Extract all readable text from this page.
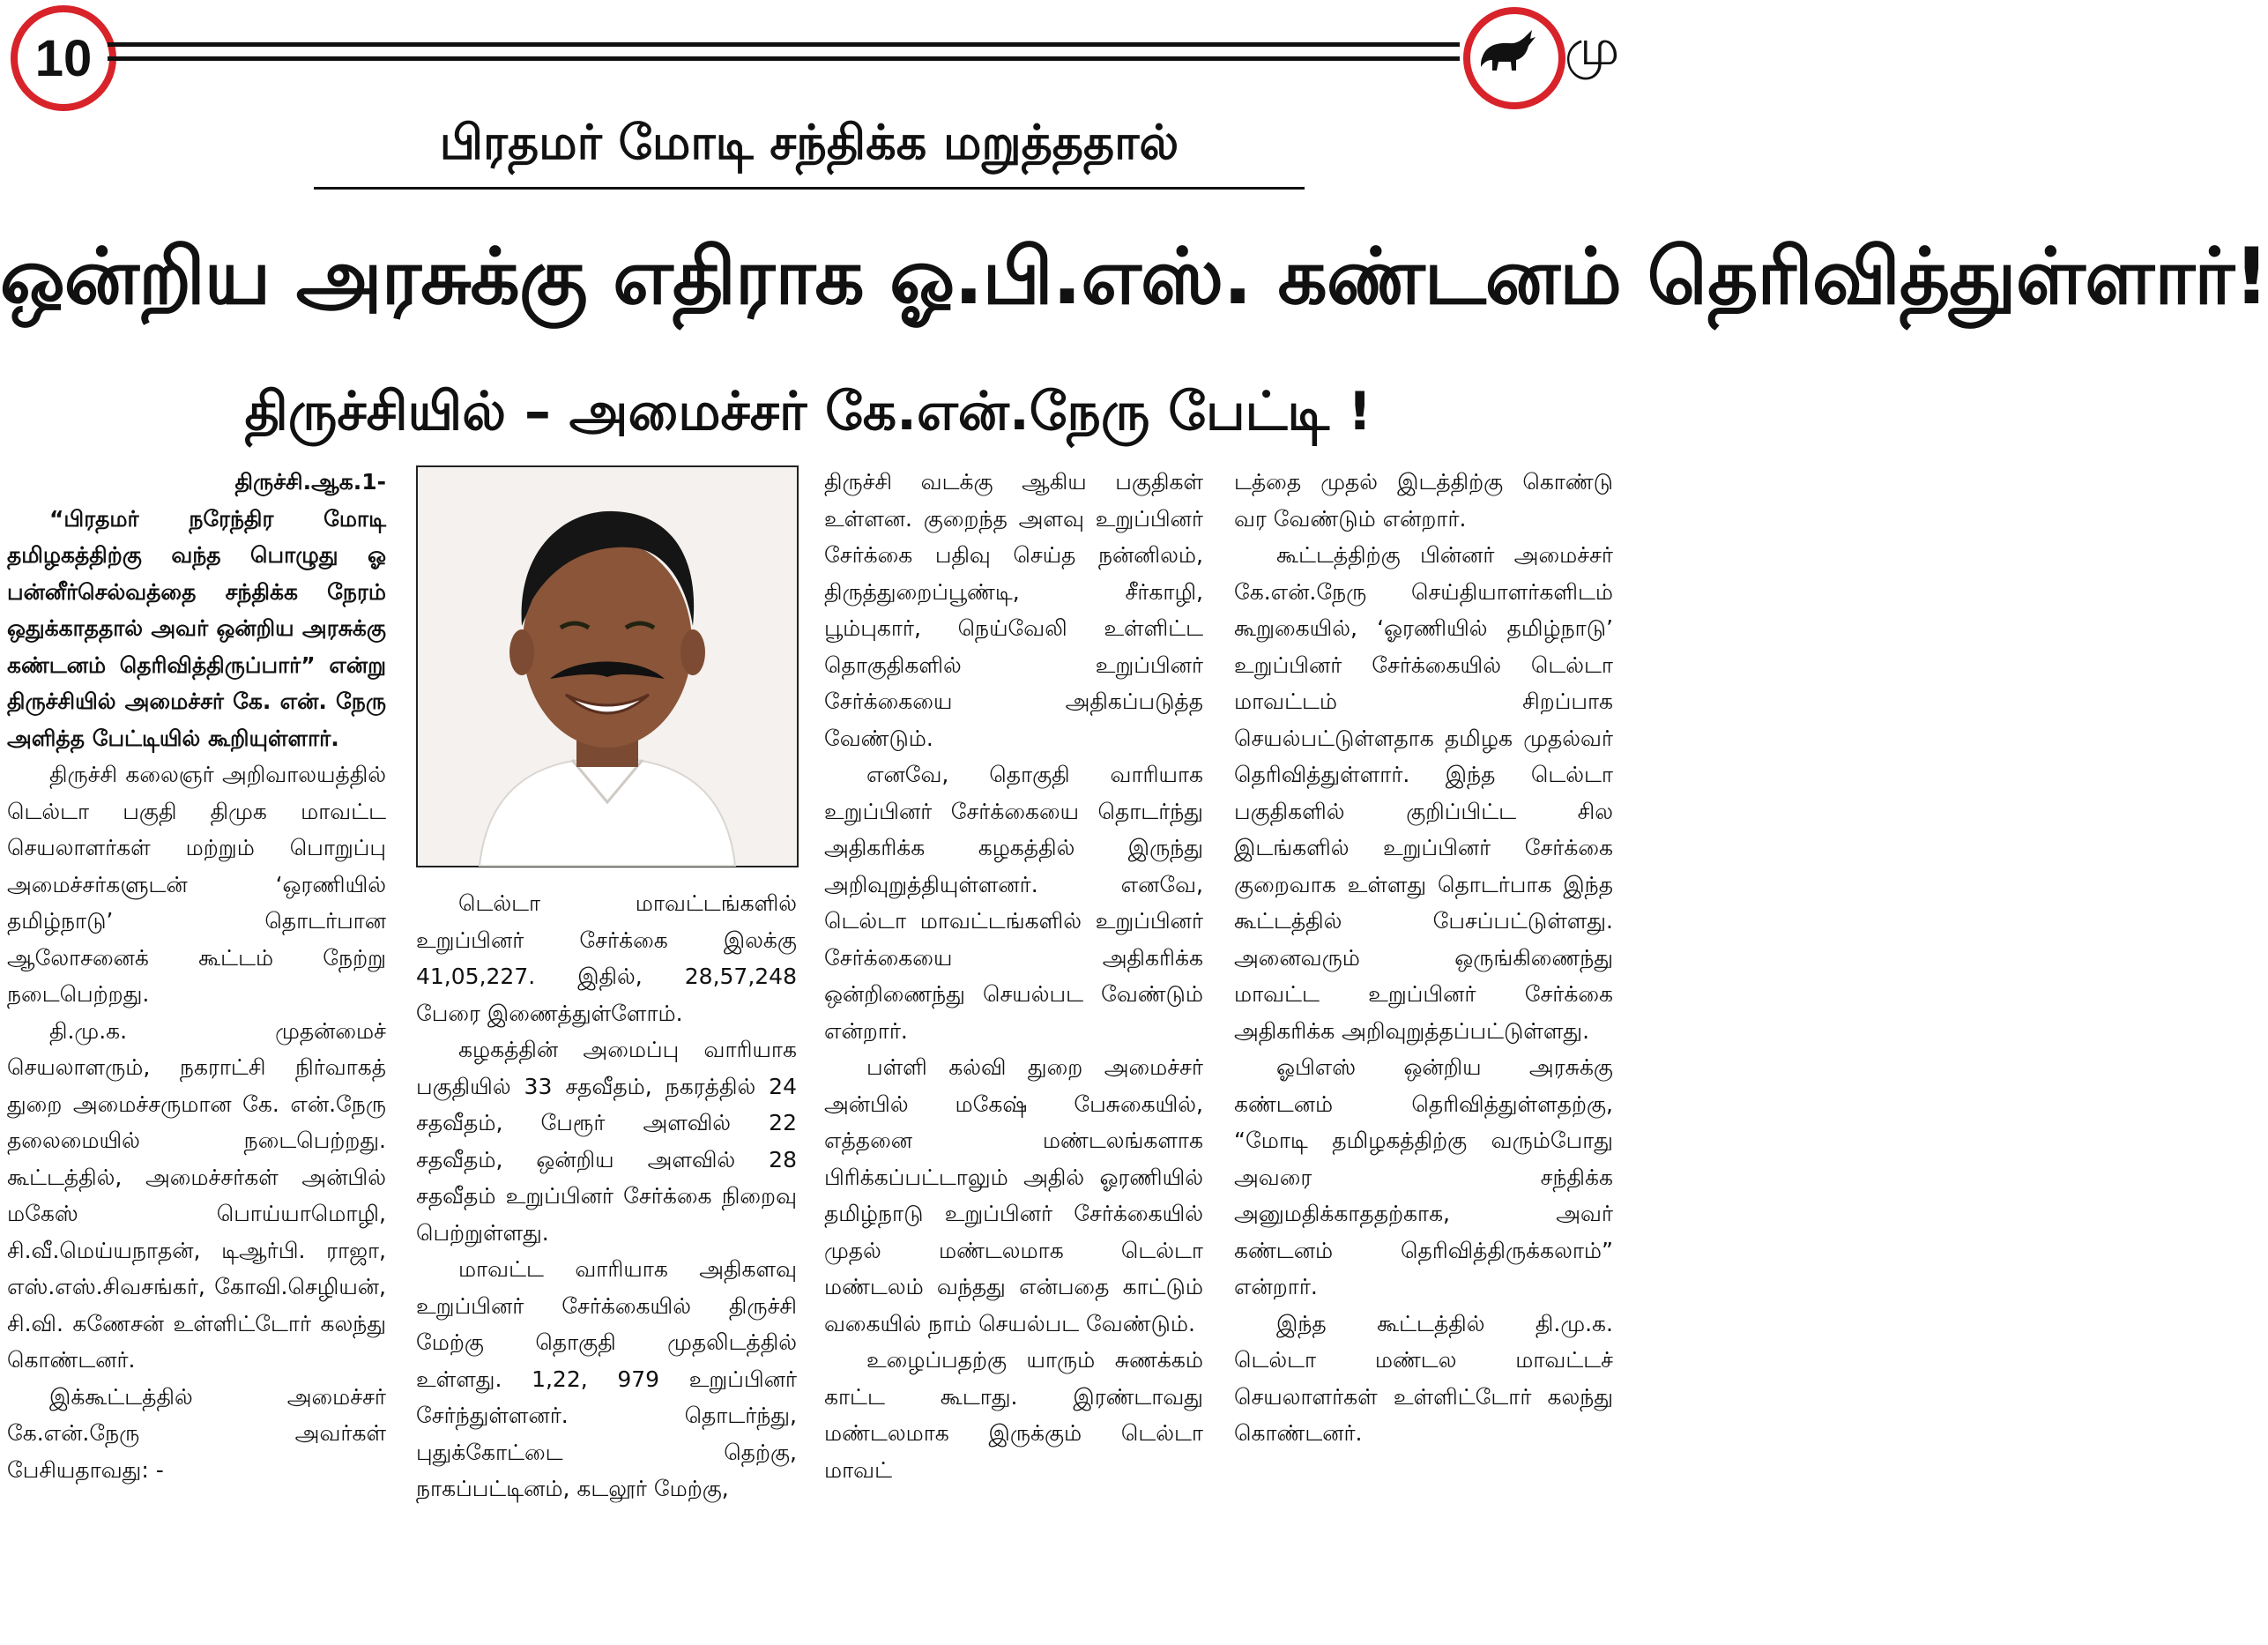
10	மு
பிரதமர் மோடி சந்திக்க மறுத்ததால்
ஒன்றிய அரசுக்கு எதிராக ஓ.பி.எஸ். கண்டனம் தெரிவித்துள்ளார்!
திருச்சியில் – அமைச்சர் கே.என்.நேரு பேட்டி !

திருச்சி.ஆக.1-

“பிரதமர் நரேந்திர மோடி தமிழகத்திற்கு வந்த பொழுது ஓ பன்னீர்செல்வத்தை சந்திக்க நேரம் ஒதுக்காததால் அவர் ஒன்றிய அரசுக்கு கண்டனம் தெரிவித்திருப்பார்” என்று திருச்சியில் அமைச்சர் கே. என். நேரு அளித்த பேட்டியில் கூறியுள்ளார்.

திருச்சி கலைஞர் அறிவாலயத்தில் டெல்டா பகுதி திமுக மாவட்ட செயலாளர்கள் மற்றும் பொறுப்பு அமைச்சர்களுடன் ‘ஒரணியில் தமிழ்நாடு’ தொடர்பான ஆலோசனைக் கூட்டம் நேற்று நடைபெற்றது.

தி.மு.க. முதன்மைச் செயலாளரும், நகராட்சி நிர்வாகத் துறை அமைச்சருமான கே. என்.நேரு தலைமையில் நடைபெற்றது. கூட்டத்தில், அமைச்சர்கள் அன்பில் மகேஸ் பொய்யாமொழி, சி.வீ.மெய்யநாதன், டிஆர்பி. ராஜா, எஸ்.எஸ்.சிவசங்கர், கோவி.செழியன், சி.வி. கணேசன் உள்ளிட்டோர் கலந்து கொண்டனர்.

இக்கூட்டத்தில் அமைச்சர் கே.என்.நேரு அவர்கள் பேசியதாவது: -

டெல்டா மாவட்டங்களில் உறுப்பினர் சேர்க்கை இலக்கு 41,05,227. இதில், 28,57,248 பேரை இணைத்துள்ளோம்.

கழகத்தின் அமைப்பு வாரியாக பகுதியில் 33 சதவீதம், நகரத்தில் 24 சதவீதம், பேரூர் அளவில் 22 சதவீதம், ஒன்றிய அளவில் 28 சதவீதம் உறுப்பினர் சேர்க்கை நிறைவு பெற்றுள்ளது.

மாவட்ட வாரியாக அதிகளவு உறுப்பினர் சேர்க்கையில் திருச்சி மேற்கு தொகுதி முதலிடத்தில் உள்ளது. 1,22, 979 உறுப்பினர் சேர்ந்துள்ளனர். தொடர்ந்து, புதுக்கோட்டை தெற்கு, நாகப்பட்டினம், கடலூர் மேற்கு,

திருச்சி வடக்கு ஆகிய பகுதிகள் உள்ளன. குறைந்த அளவு உறுப்பினர் சேர்க்கை பதிவு செய்த நன்னிலம், திருத்துறைப்பூண்டி, சீர்காழி, பூம்புகார், நெய்வேலி உள்ளிட்ட தொகுதிகளில் உறுப்பினர் சேர்க்கையை அதிகப்படுத்த வேண்டும்.

எனவே, தொகுதி வாரியாக உறுப்பினர் சேர்க்கையை தொடர்ந்து அதிகரிக்க கழகத்தில் இருந்து அறிவுறுத்தியுள்ளனர். எனவே, டெல்டா மாவட்டங்களில் உறுப்பினர் சேர்க்கையை அதிகரிக்க ஒன்றிணைந்து செயல்பட வேண்டும் என்றார்.

பள்ளி கல்வி துறை அமைச்சர் அன்பில் மகேஷ் பேசுகையில், எத்தனை மண்டலங்களாக பிரிக்கப்பட்டாலும் அதில் ஓரணியில் தமிழ்நாடு உறுப்பினர் சேர்க்கையில் முதல் மண்டலமாக டெல்டா மண்டலம் வந்தது என்பதை காட்டும் வகையில் நாம் செயல்பட வேண்டும்.

உழைப்பதற்கு யாரும் சுணக்கம் காட்ட கூடாது. இரண்டாவது மண்டலமாக இருக்கும் டெல்டா மாவட்

டத்தை முதல் இடத்திற்கு கொண்டு வர வேண்டும் என்றார்.

கூட்டத்திற்கு பின்னர் அமைச்சர் கே.என்.நேரு செய்தியாளர்களிடம் கூறுகையில், ‘ஓரணியில் தமிழ்நாடு’ உறுப்பினர் சேர்க்கையில் டெல்டா மாவட்டம் சிறப்பாக செயல்பட்டுள்ளதாக தமிழக முதல்வர் தெரிவித்துள்ளார். இந்த டெல்டா பகுதிகளில் குறிப்பிட்ட சில இடங்களில் உறுப்பினர் சேர்க்கை குறைவாக உள்ளது தொடர்பாக இந்த கூட்டத்தில் பேசப்பட்டுள்ளது. அனைவரும் ஒருங்கிணைந்து மாவட்ட உறுப்பினர் சேர்க்கை அதிகரிக்க அறிவுறுத்தப்பட்டுள்ளது.

ஓபிஎஸ் ஒன்றிய அரசுக்கு கண்டனம் தெரிவித்துள்ளதற்கு, “மோடி தமிழகத்திற்கு வரும்போது அவரை சந்திக்க அனுமதிக்காததற்காக, அவர் கண்டனம் தெரிவித்திருக்கலாம்” என்றார்.

இந்த கூட்டத்தில் தி.மு.க. டெல்டா மண்டல மாவட்டச் செயலாளர்கள் உள்ளிட்டோர் கலந்து கொண்டனர்.
